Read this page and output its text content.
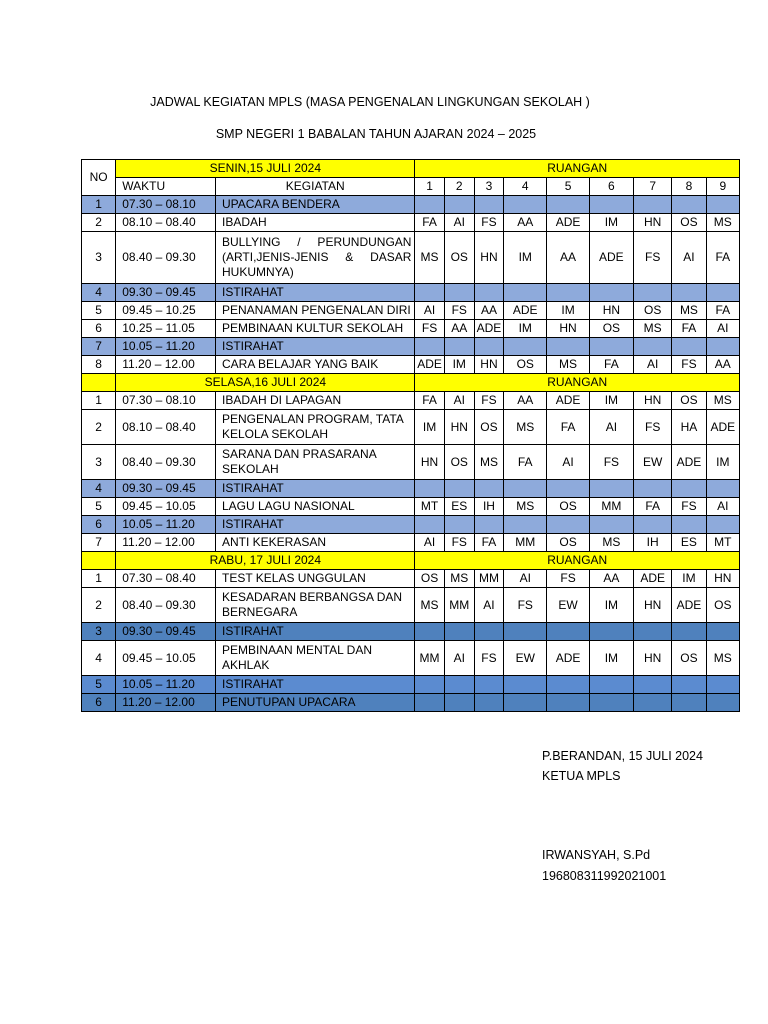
JADWAL KEGIATAN MPLS (MASA PENGENALAN LINGKUNGAN SEKOLAH )
SMP NEGERI 1 BABALAN TAHUN AJARAN 2024 – 2025
NO	SENIN,15 JULI 2024		RUANGAN								
	WAKTU	KEGIATAN	1	2	3	4	5	6	7	8	9
1	07.30 – 08.10	UPACARA BENDERA									
2	08.10 – 08.40	IBADAH	FA	AI	FS	AA	ADE	IM	HN	OS	MS
3	08.40 – 09.30	BULLYING / PERUNDUNGAN (ARTI,JENIS-JENIS & DASAR HUKUMNYA)	MS	OS	HN	IM	AA	ADE	FS	AI	FA
4	09.30 – 09.45	ISTIRAHAT									
5	09.45 – 10.25	PENANAMAN PENGENALAN DIRI	AI	FS	AA	ADE	IM	HN	OS	MS	FA
6	10.25 – 11.05	PEMBINAAN KULTUR SEKOLAH	FS	AA	ADE	IM	HN	OS	MS	FA	AI
7	10.05 – 11.20	ISTIRAHAT									
8	11.20 – 12.00	CARA BELAJAR YANG BAIK	ADE	IM	HN	OS	MS	FA	AI	FS	AA
	SELASA,16 JULI 2024		RUANGAN								
1	07.30 – 08.10	IBADAH DI LAPAGAN	FA	AI	FS	AA	ADE	IM	HN	OS	MS
2	08.10 – 08.40	PENGENALAN PROGRAM, TATA KELOLA SEKOLAH	IM	HN	OS	MS	FA	AI	FS	HA	ADE
3	08.40 – 09.30	SARANA DAN PRASARANA SEKOLAH	HN	OS	MS	FA	AI	FS	EW	ADE	IM
4	09.30 – 09.45	ISTIRAHAT									
5	09.45 – 10.05	LAGU LAGU NASIONAL	MT	ES	IH	MS	OS	MM	FA	FS	AI
6	10.05 – 11.20	ISTIRAHAT									
7	11.20 – 12.00	ANTI KEKERASAN	AI	FS	FA	MM	OS	MS	IH	ES	MT
	RABU, 17 JULI 2024		RUANGAN								
1	07.30 – 08.40	TEST KELAS UNGGULAN	OS	MS	MM	AI	FS	AA	ADE	IM	HN
2	08.40 – 09.30	KESADARAN BERBANGSA DAN BERNEGARA	MS	MM	AI	FS	EW	IM	HN	ADE	OS
3	09.30 – 09.45	ISTIRAHAT									
4	09.45 – 10.05	PEMBINAAN MENTAL DAN AKHLAK	MM	AI	FS	EW	ADE	IM	HN	OS	MS
5	10.05 – 11.20	ISTIRAHAT									
6	11.20 – 12.00	PENUTUPAN UPACARA									
P.BERANDAN, 15 JULI 2024
KETUA MPLS
IRWANSYAH, S.Pd
196808311992021001
